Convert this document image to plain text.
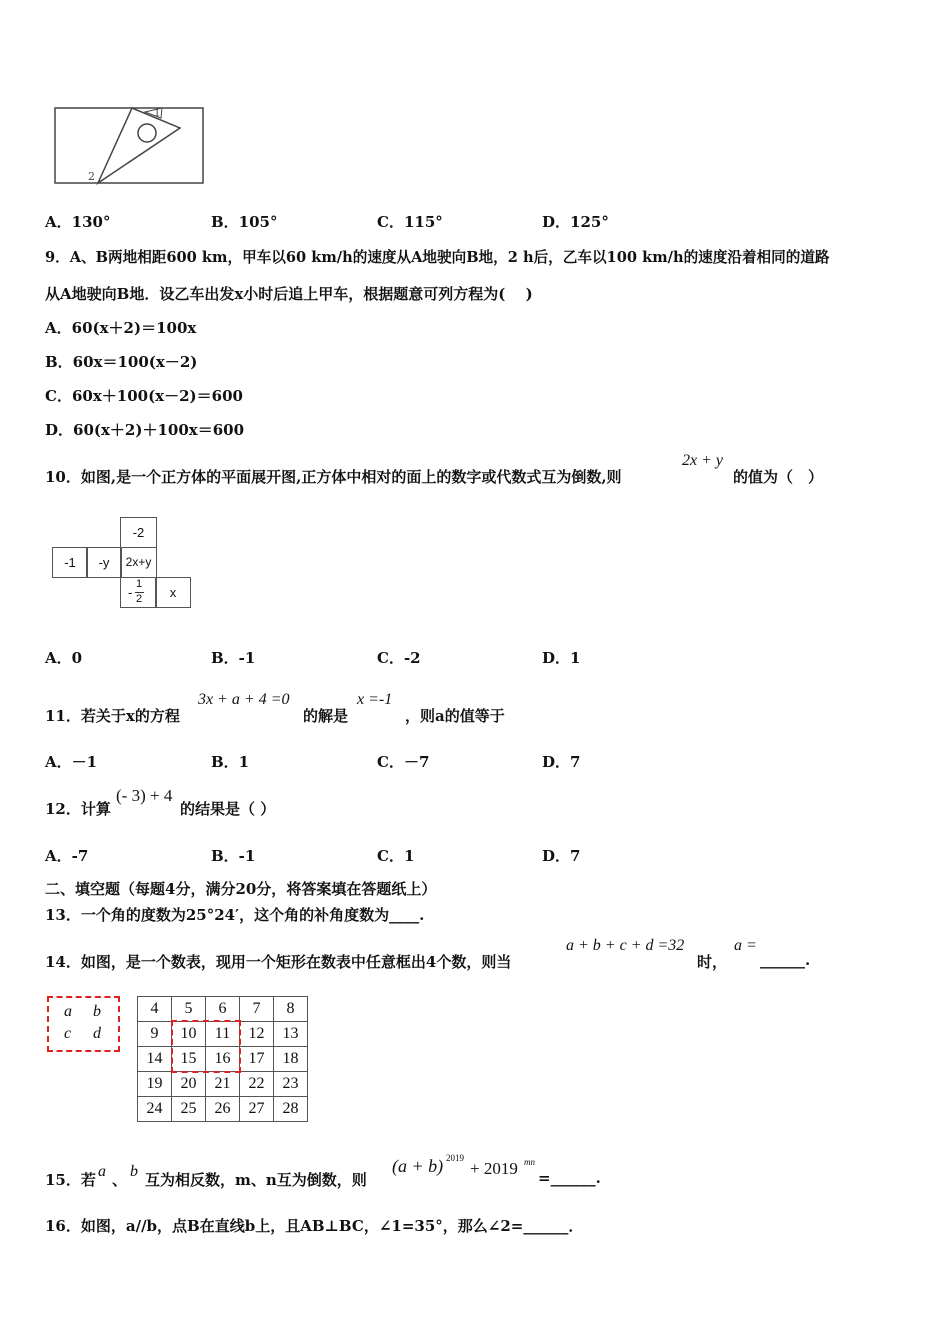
1
2
A．130°	B．105°	C．115°	D．125°
9．A、B两地相距600 km，甲车以60 km/h的速度从A地驶向B地，2 h后，乙车以100 km/h的速度沿着相同的道路
从A地驶向B地．设乙车出发x小时后追上甲车，根据题意可列方程为(　 )
A．60(x＋2)＝100x
B．60x＝100(x－2)
C．60x＋100(x－2)＝600
D．60(x＋2)＋100x＝600
10．如图,是一个正方体的平面展开图,正方体中相对的面上的数字或代数式互为倒数,则
2x + y
的值为（　）
-2
-1	-y	2x+y
-
1
2	x
A．0	B．-1	C．-2	D．1
11．若关于x的方程
3x + a + 4 =0
的解是
x =-1
，则a的值等于
A．－1	B．1	C．－7	D．7
12．计算
(- 3) + 4
的结果是（ ）
A．-7	B．-1	C．1	D．7
二、填空题（每题4分，满分20分，将答案填在答题纸上）
13．一个角的度数为25°24′，这个角的补角度数为____.
14．如图，是一个数表，现用一个矩形在数表中任意框出4个数，则当
a + b + c + d =32
时，
a =
______.
a b
c d
4	5	6	7	8
9	10	11	12	13
14	15	16	17	18
19	20	21	22	23
24	25	26	27	28
15．若 a 、 b 互为相反数，m、n互为倒数，则
(a + b) 2019
+ 2019 mn
=______.
16．如图，a//b，点B在直线b上，且AB⊥BC，∠1=35°，那么∠2=______．
